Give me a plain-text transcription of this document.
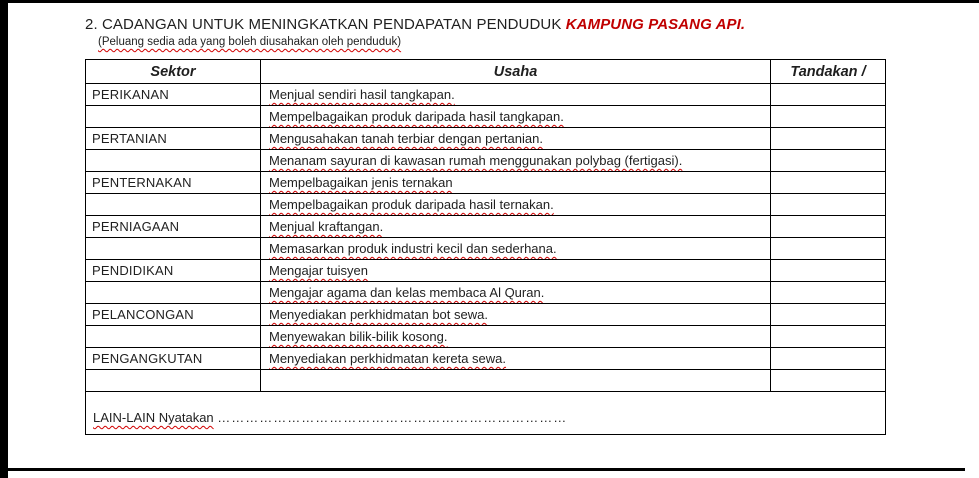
2. CADANGAN UNTUK MENINGKATKAN PENDAPATAN PENDUDUK KAMPUNG PASANG API.
(Peluang sedia ada yang boleh diusahakan oleh penduduk)
Sektor	Usaha	Tandakan /
PERIKANAN	Menjual sendiri hasil tangkapan.	
	Mempelbagaikan produk daripada hasil tangkapan.	
PERTANIAN	Mengusahakan tanah terbiar dengan pertanian.	
	Menanam sayuran di kawasan rumah menggunakan polybag (fertigasi).	
PENTERNAKAN	Mempelbagaikan jenis ternakan	
	Mempelbagaikan produk daripada hasil ternakan.	
PERNIAGAAN	Menjual kraftangan.	
	Memasarkan produk industri kecil dan sederhana.	
PENDIDIKAN	Mengajar tuisyen	
	Mengajar agama dan kelas membaca Al Quran.	
PELANCONGAN	Menyediakan perkhidmatan bot sewa.	
	Menyewakan bilik-bilik kosong.	
PENGANGKUTAN	Menyediakan perkhidmatan kereta sewa.	

LAIN-LAIN Nyatakan …………………………………………………………………		
